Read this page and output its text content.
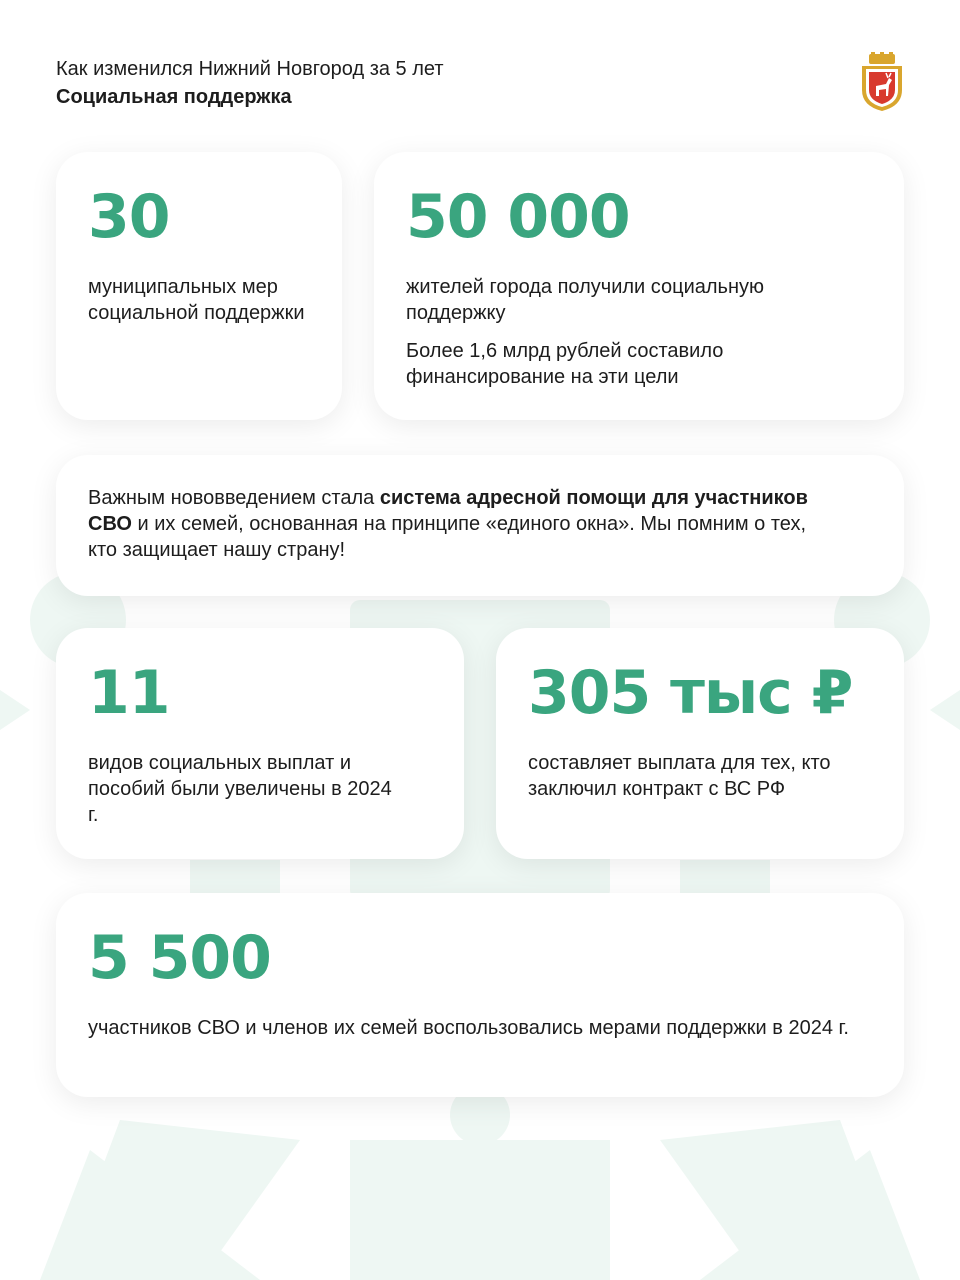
Как изменился Нижний Новгород за 5 лет
Социальная поддержка
30
муниципальных мер социальной поддержки
50 000
жителей города получили социальную поддержку
Более 1,6 млрд рублей составило финансирование на эти цели
Важным нововведением стала система адресной помощи для участников СВО и их семей, основанная на принципе «единого окна». Мы помним о тех, кто защищает нашу страну!
11
видов социальных выплат и пособий были увеличены в 2024 г.
305 тыс ₽
составляет выплата для тех, кто заключил контракт с ВС РФ
5 500
участников СВО и членов их семей воспользовались мерами поддержки в 2024 г.
